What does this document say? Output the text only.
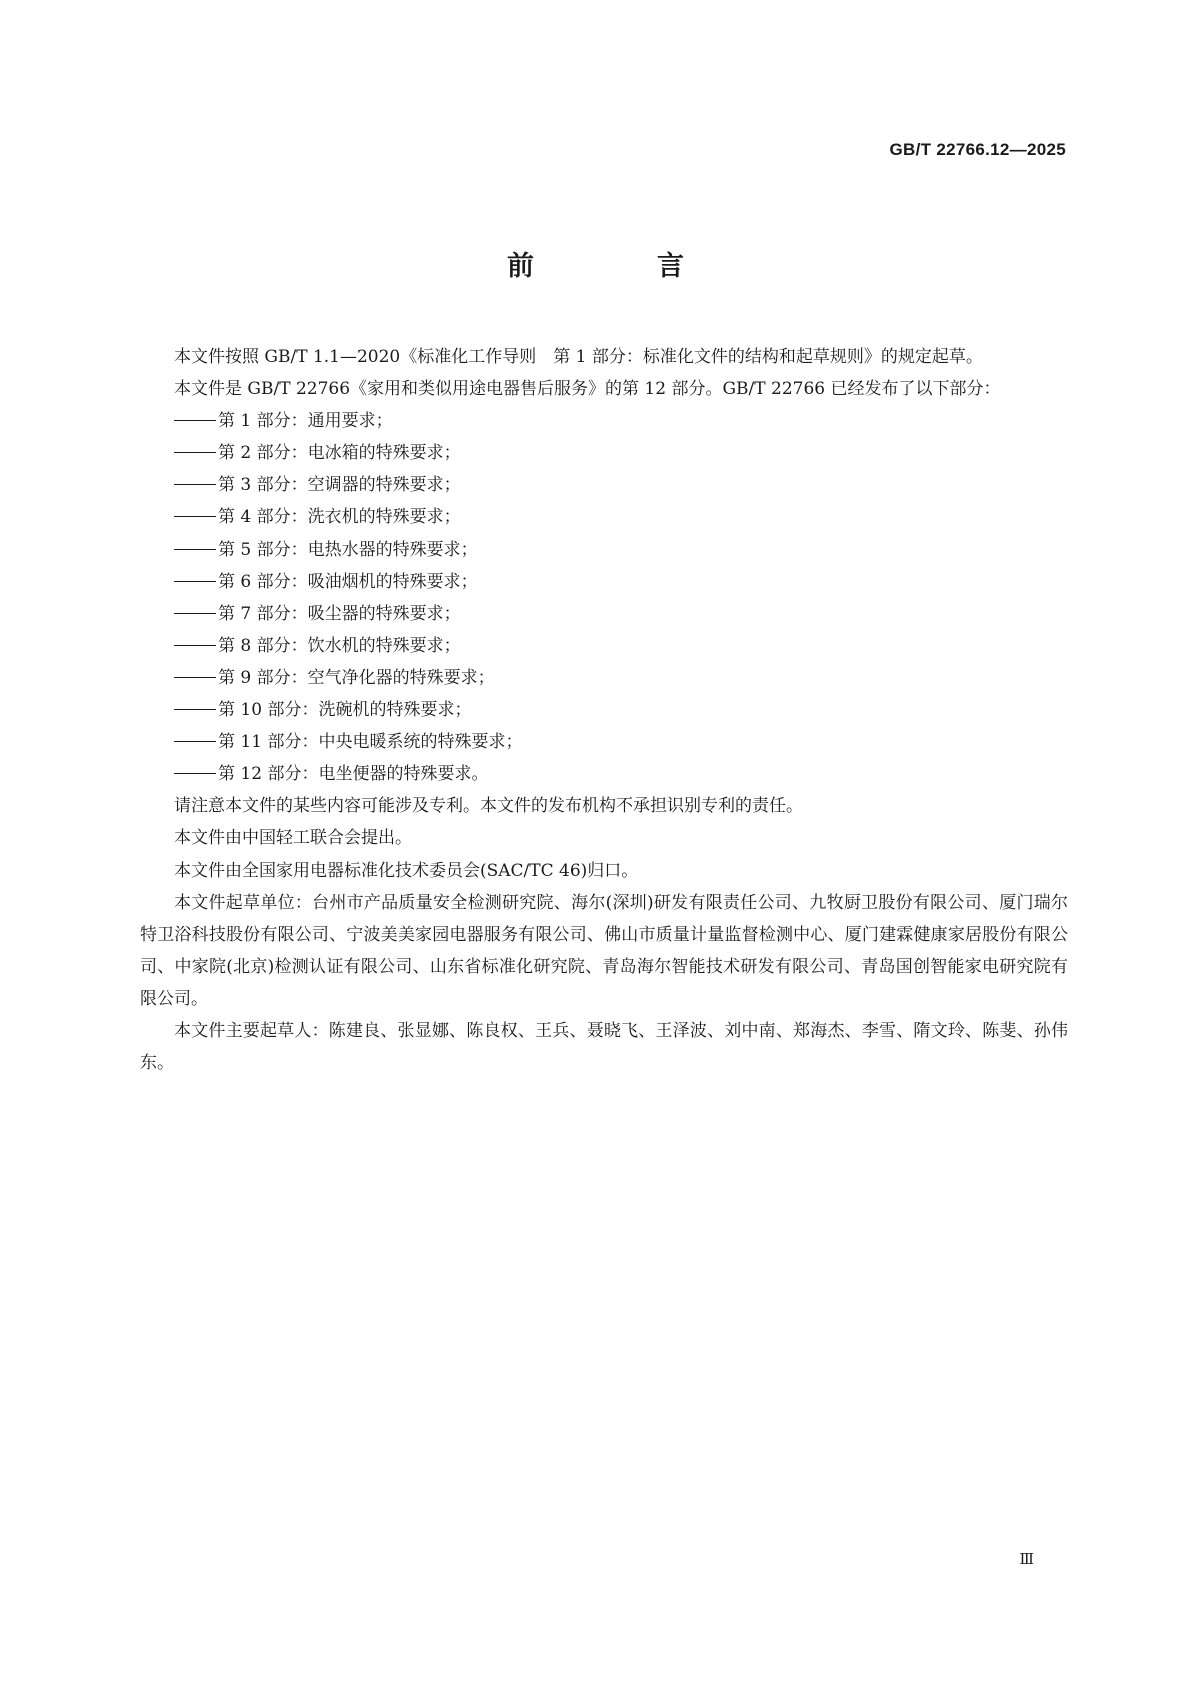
GB/T 22766.12—2025
前　言

本文件按照 GB/T 1.1—2020《标准化工作导则　第 1 部分：标准化文件的结构和起草规则》的规定起草。

本文件是 GB/T 22766《家用和类似用途电器售后服务》的第 12 部分。GB/T 22766 已经发布了以下部分：

第 1 部分：通用要求；

第 2 部分：电冰箱的特殊要求；

第 3 部分：空调器的特殊要求；

第 4 部分：洗衣机的特殊要求；

第 5 部分：电热水器的特殊要求；

第 6 部分：吸油烟机的特殊要求；

第 7 部分：吸尘器的特殊要求；

第 8 部分：饮水机的特殊要求；

第 9 部分：空气净化器的特殊要求；

第 10 部分：洗碗机的特殊要求；

第 11 部分：中央电暖系统的特殊要求；

第 12 部分：电坐便器的特殊要求。

请注意本文件的某些内容可能涉及专利。本文件的发布机构不承担识别专利的责任。

本文件由中国轻工联合会提出。

本文件由全国家用电器标准化技术委员会(SAC/TC 46)归口。

本文件起草单位：台州市产品质量安全检测研究院、海尔(深圳)研发有限责任公司、九牧厨卫股份有限公司、厦门瑞尔特卫浴科技股份有限公司、宁波美美家园电器服务有限公司、佛山市质量计量监督检测中心、厦门建霖健康家居股份有限公司、中家院(北京)检测认证有限公司、山东省标准化研究院、青岛海尔智能技术研发有限公司、青岛国创智能家电研究院有限公司。

本文件主要起草人：陈建良、张显娜、陈良权、王兵、聂晓飞、王泽波、刘中南、郑海杰、李雪、隋文玲、陈斐、孙伟东。

Ⅲ
